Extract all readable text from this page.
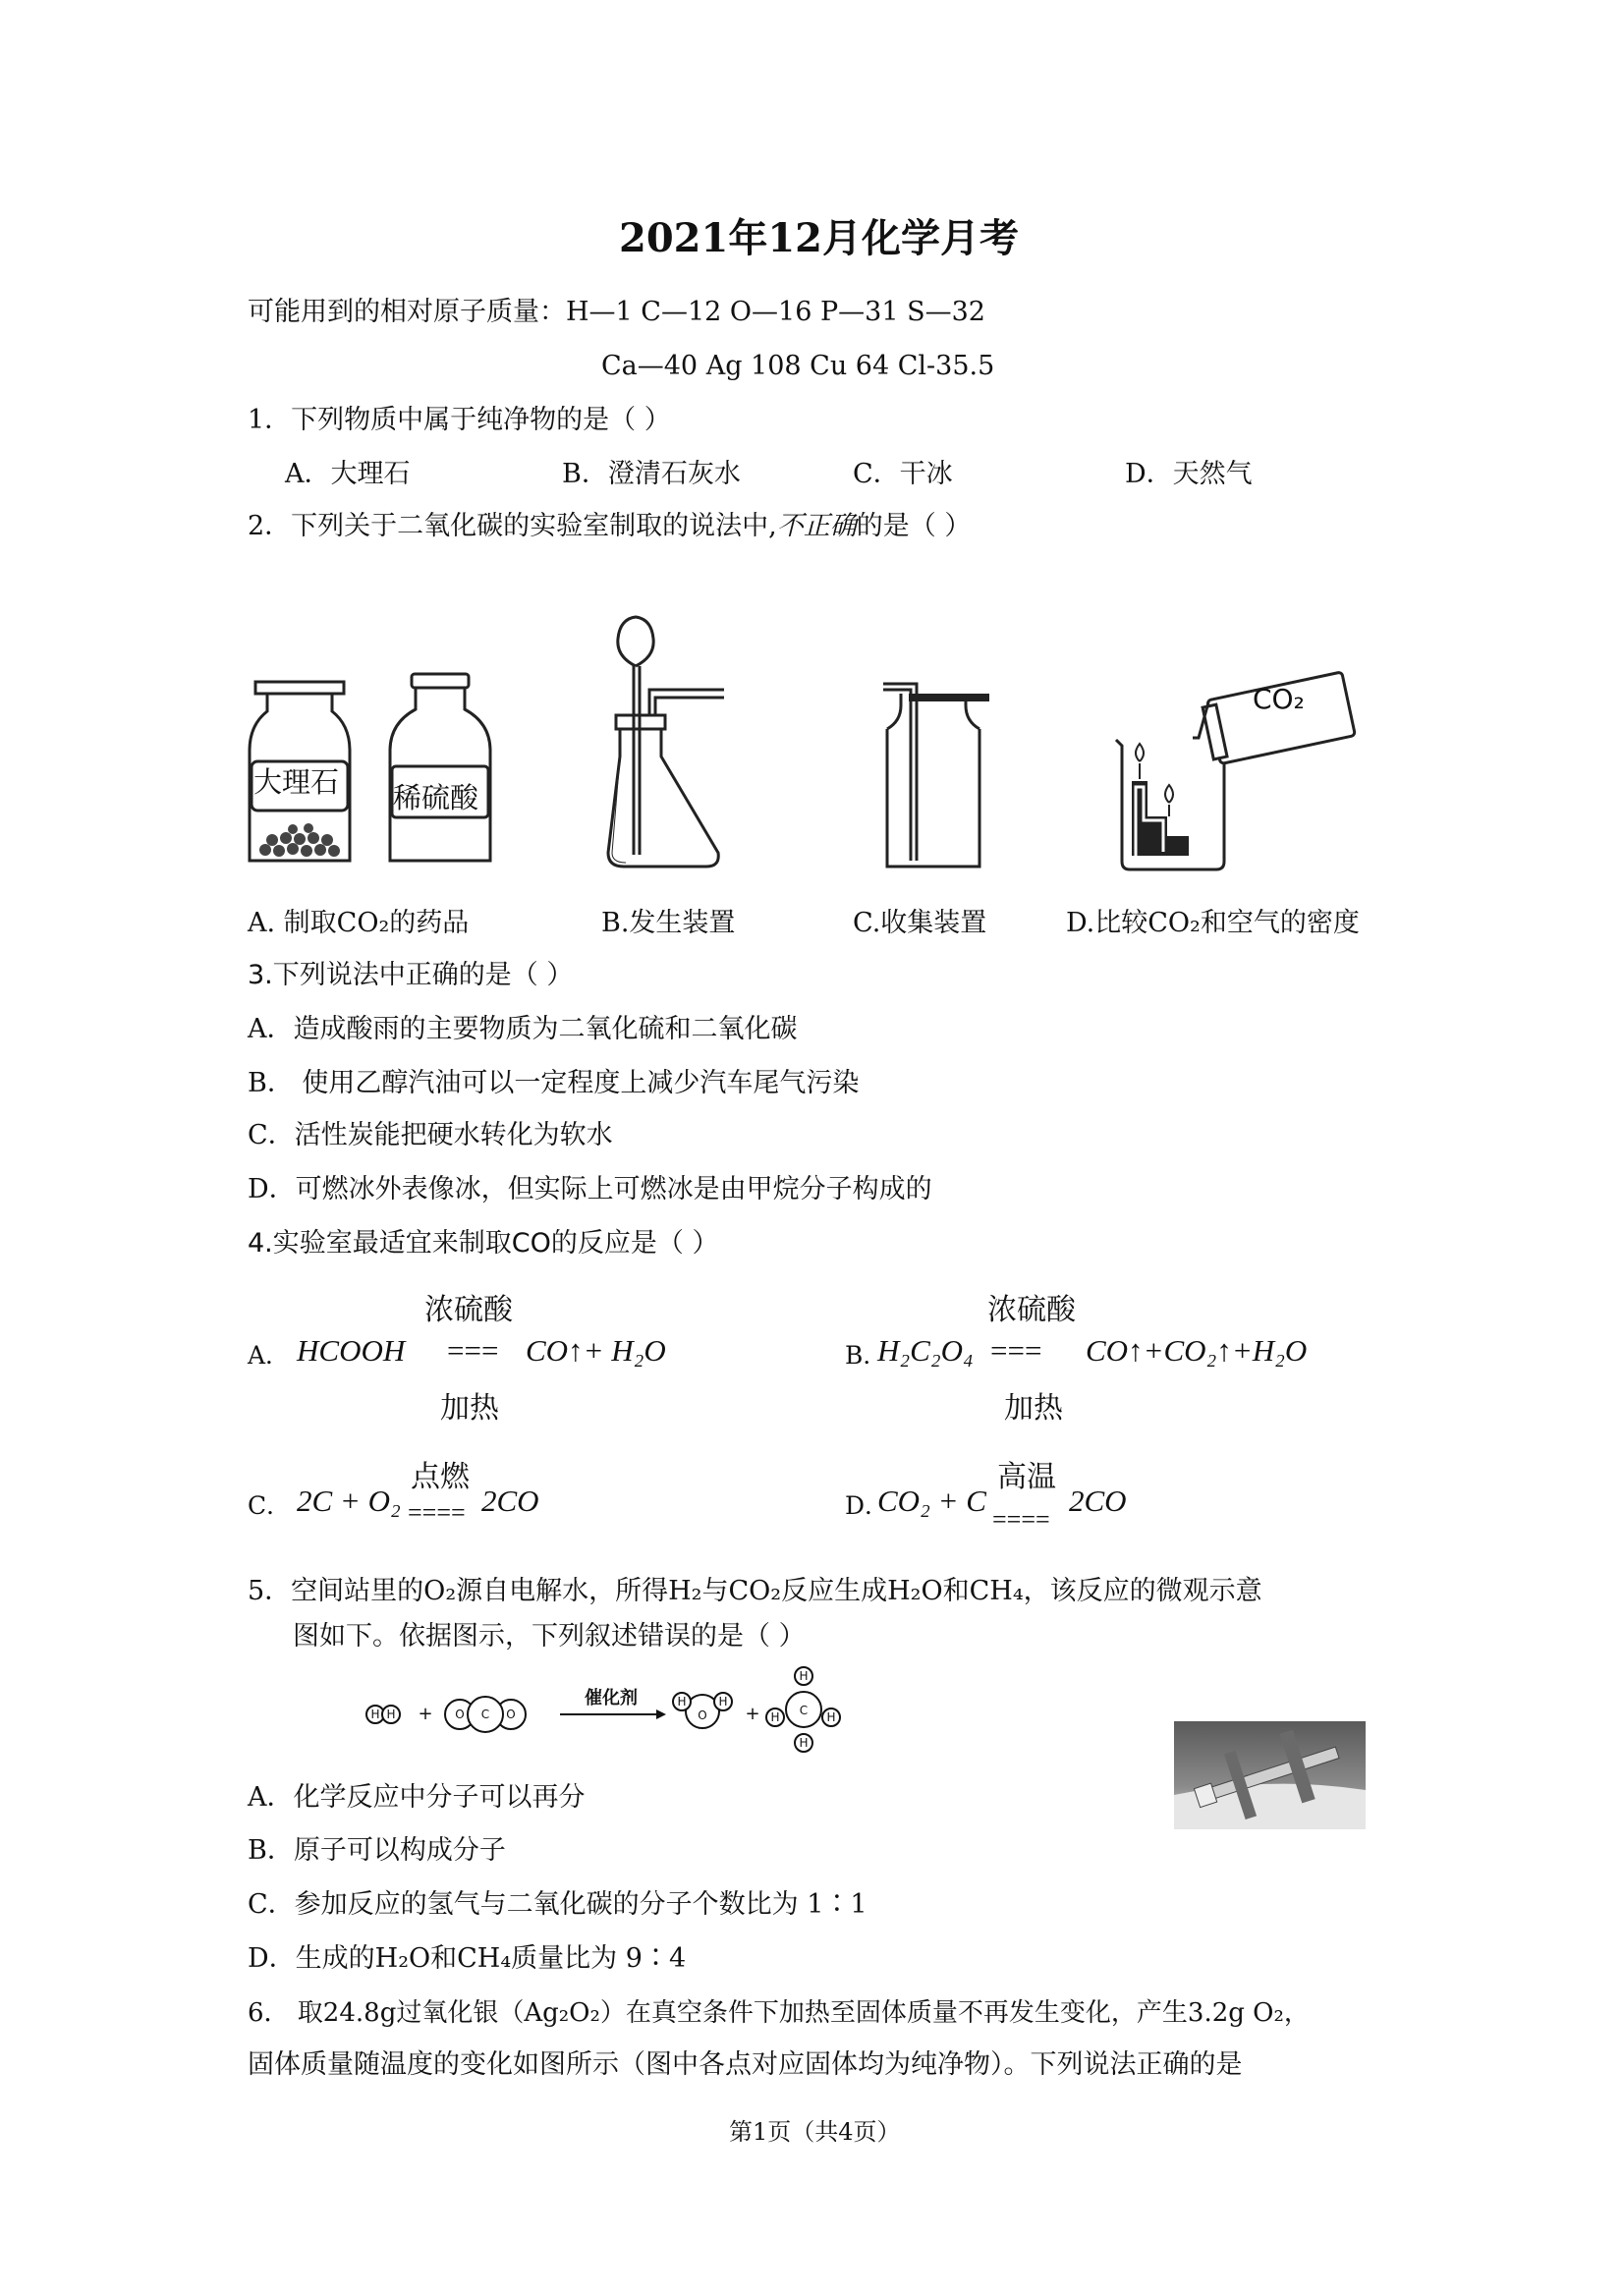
2021年12月化学月考
可能用到的相对原子质量：H—1 C—12 O—16 P—31 S—32
Ca—40 Ag 108 Cu 64 Cl-35.5
1．下列物质中属于纯净物的是（ ）
A．大理石	B．澄清石灰水	C．干冰	D．天然气
2．下列关于二氧化碳的实验室制取的说法中,不正确的是（ ）
大理石 稀硫酸
CO₂
A. 制取CO₂的药品	B.发生装置	C.收集装置	D.比较CO₂和空气的密度
3.下列说法中正确的是（ ）
A．造成酸雨的主要物质为二氧化硫和二氧化碳
B． 使用乙醇汽油可以一定程度上减少汽车尾气污染
C．活性炭能把硬水转化为软水
D．可燃冰外表像冰，但实际上可燃冰是由甲烷分子构成的
4.实验室最适宜来制取CO的反应是（ ）
浓硫酸
A． HCOOH === CO↑+ H₂O
加热
浓硫酸
B．
H₂C₂O₄ === CO↑+CO₂↑+H₂O
加热
点燃
C． 2C + O₂ ==== 2CO
高温
D．
CO₂ + C
====
2CO
5．空间站里的O₂源自电解水，所得H₂与CO₂反应生成H₂O和CH₄，该反应的微观示意
图如下。依据图示，下列叙述错误的是（ ）
H H + O C O
催化剂
O
H	H
+	C
H
H
H	H
A．化学反应中分子可以再分
B．原子可以构成分子
C．参加反应的氢气与二氧化碳的分子个数比为 1∶1
D．生成的H₂O和CH₄质量比为 9∶4
6． 取24.8g过氧化银（Ag₂O₂）在真空条件下加热至固体质量不再发生变化，产生3.2g O₂，
固体质量随温度的变化如图所示（图中各点对应固体均为纯净物）。下列说法正确的是
第1页（共4页）
